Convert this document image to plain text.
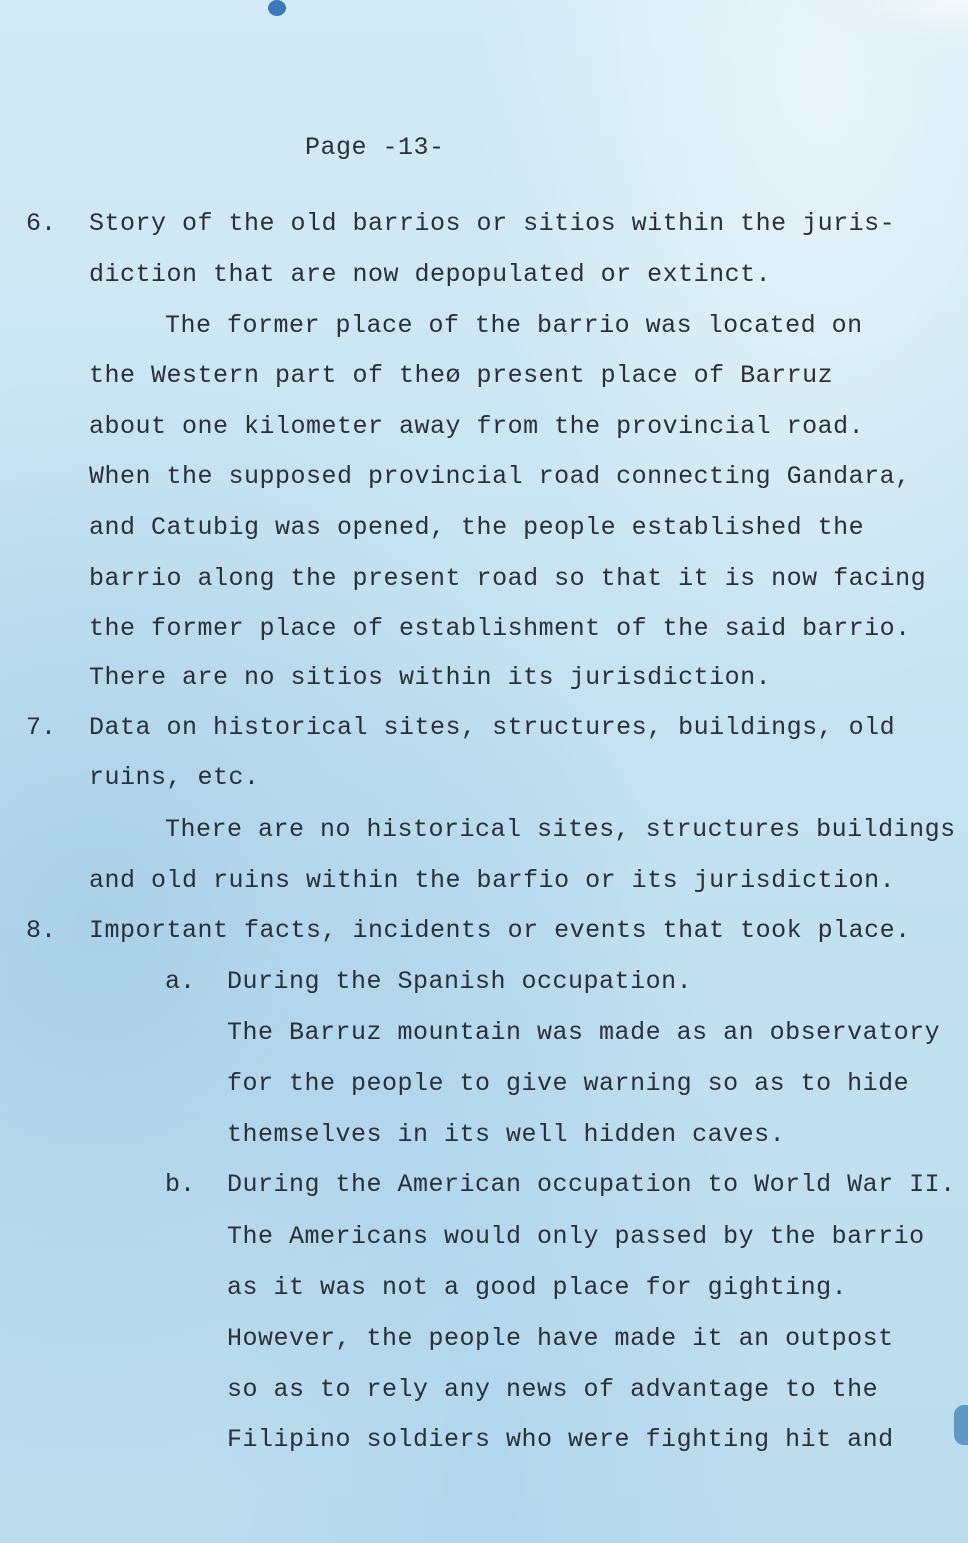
Page -13-
6. Story of the old barrios or sitios within the juris-
diction that are now depopulated or extinct.
The former place of the barrio was located on
the Western part of theø present place of Barruz
about one kilometer away from the provincial road.
When the supposed provincial road connecting Gandara,
and Catubig was opened, the people established the
barrio along the present road so that it is now facing
the former place of establishment of the said barrio.
There are no sitios within its jurisdiction.
7. Data on historical sites, structures, buildings, old
ruins, etc.
There are no historical sites, structures buildings
and old ruins within the barfio or its jurisdiction.
8. Important facts, incidents or events that took place.
a. During the Spanish occupation.
The Barruz mountain was made as an observatory
for the people to give warning so as to hide
themselves in its well hidden caves.
b. During the American occupation to World War II.
The Americans would only passed by the barrio
as it was not a good place for gighting.
However, the people have made it an outpost
so as to rely any news of advantage to the
Filipino soldiers who were fighting hit and
